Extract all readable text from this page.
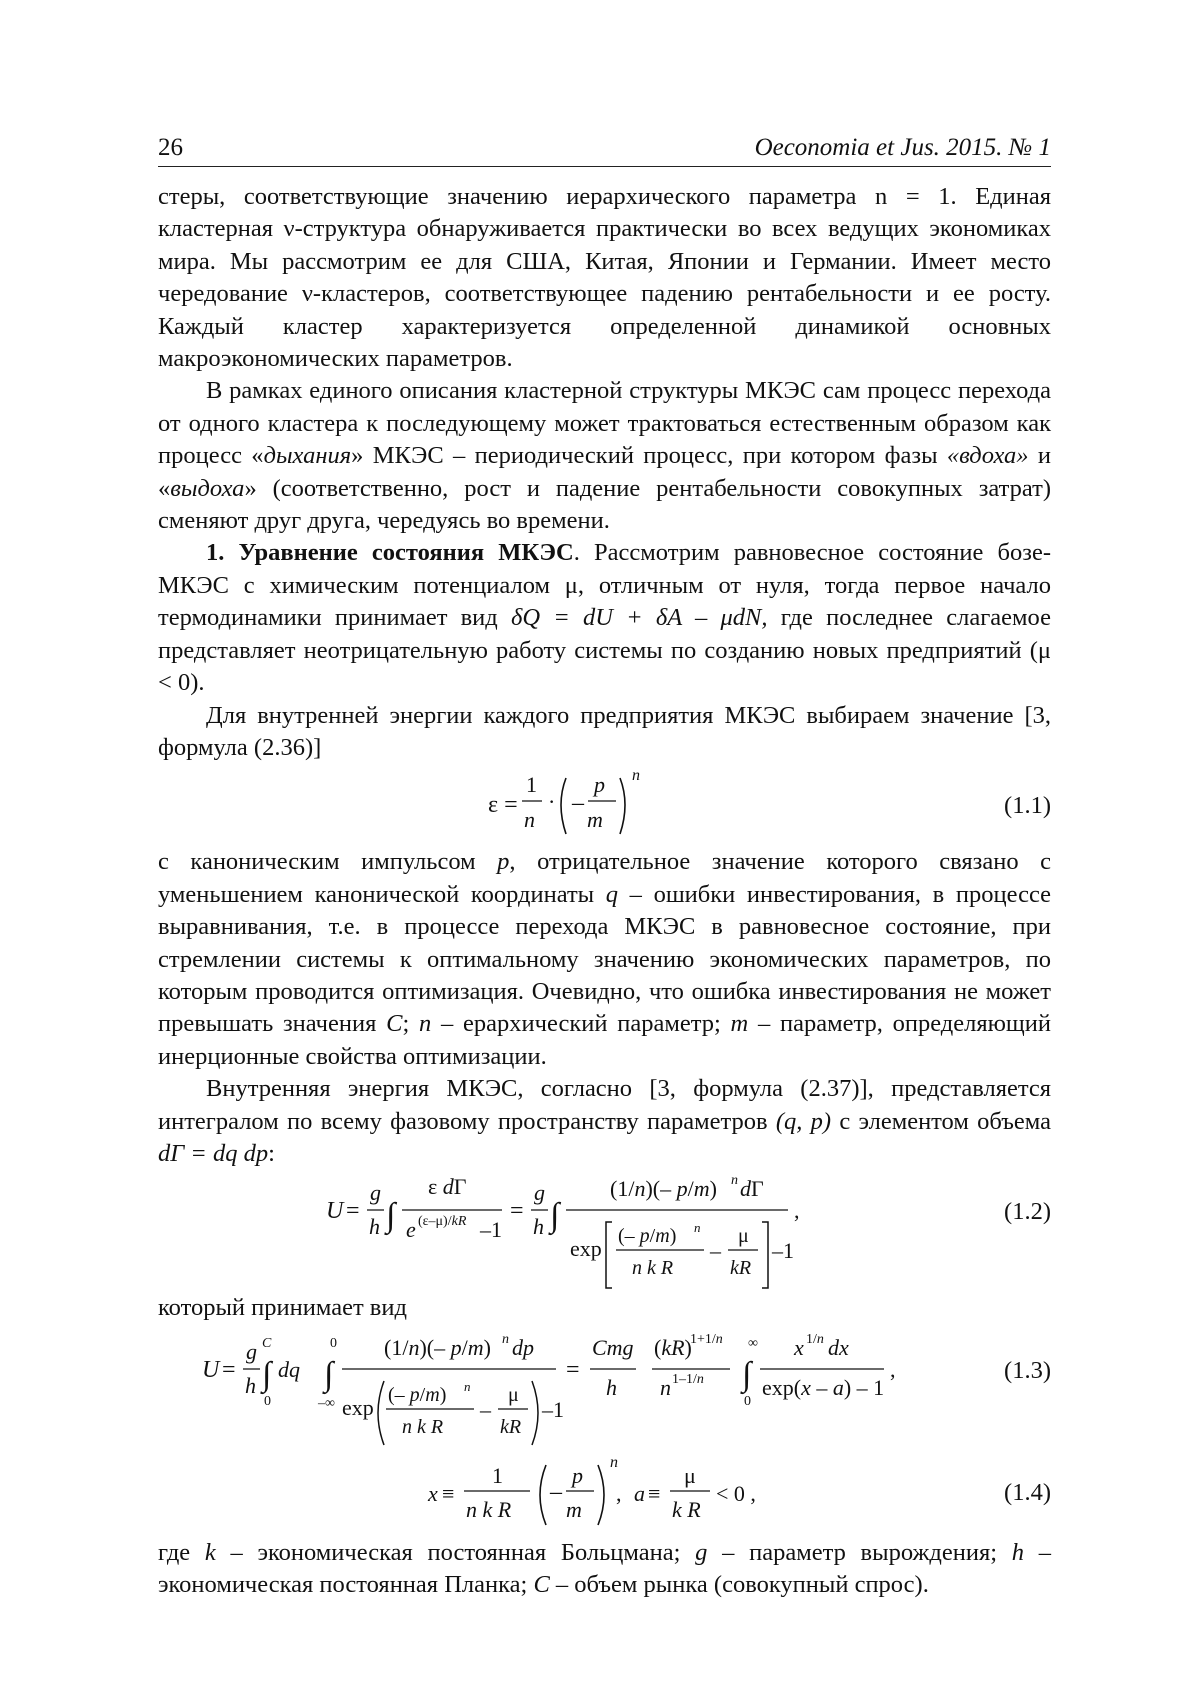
26	Oeconomia et Jus. 2015. № 1

стеры, соответствующие значению иерархического параметра n = 1. Единая кластерная ν-структура обнаруживается практически во всех ведущих экономиках мира. Мы рассмотрим ее для США, Китая, Японии и Германии. Имеет место чередование ν-кластеров, соответствующее падению рентабельности и ее росту. Каждый кластер характеризуется определенной динамикой основных макроэкономических параметров.

В рамках единого описания кластерной структуры МКЭС сам процесс перехода от одного кластера к последующему может трактоваться естественным образом как процесс «дыхания» МКЭС – периодический процесс, при котором фазы «вдоха» и «выдоха» (соответственно, рост и падение рентабельности совокупных затрат) сменяют друг друга, чередуясь во времени.

1. Уравнение состояния МКЭС. Рассмотрим равновесное состояние бозе-МКЭС с химическим потенциалом μ, отличным от нуля, тогда первое начало термодинамики принимает вид δQ = dU + δA – μdN, где последнее слагаемое представляет неотрицательную работу системы по созданию новых предприятий (μ < 0).

Для внутренней энергии каждого предприятия МКЭС выбираем значение [3, формула (2.36)]

ε =
1
n
· –
p
m
n
(1.1)

с каноническим импульсом p, отрицательное значение которого связано с уменьшением канонической координаты q – ошибки инвестирования, в процессе выравнивания, т.е. в процессе перехода МКЭС в равновесное состояние, при стремлении системы к оптимальному значению экономических параметров, по которым проводится оптимизация. Очевидно, что ошибка инвестирования не может превышать значения C; n – ерархический параметр; m – параметр, определяющий инерционные свойства оптимизации.

Внутренняя энергия МКЭС, согласно [3, формула (2.37)], представляется интегралом по всему фазовому пространству параметров (q, p) с элементом объема dΓ = dq dp:

U =
g
h ∫
ε dΓ
e (ε–μ)/kR –1
=
g
h ∫
(1/n)(– p/m) n dΓ
exp (– p/m) n
n k R
–
μ
kR
–1
,	(1.2)

который принимает вид

U =
g
h
C
∫
0
dq
0
∫
–∞
(1/n)(– p/m) n dp
exp (– p/m) n
n k R
–
μ
kR
–1
=
Cmg
h
(kR)
1+1/n
n 1–1/n
∞
∫
0
x 1/n dx
exp(x – a) – 1
,	(1.3)
x ≡
1
n k R
–
p
m
n
, a ≡
μ
k R
< 0 ,	(1.4)

где k – экономическая постоянная Больцмана; g – параметр вырождения; h – экономическая постоянная Планка; C – объем рынка (совокупный спрос).
